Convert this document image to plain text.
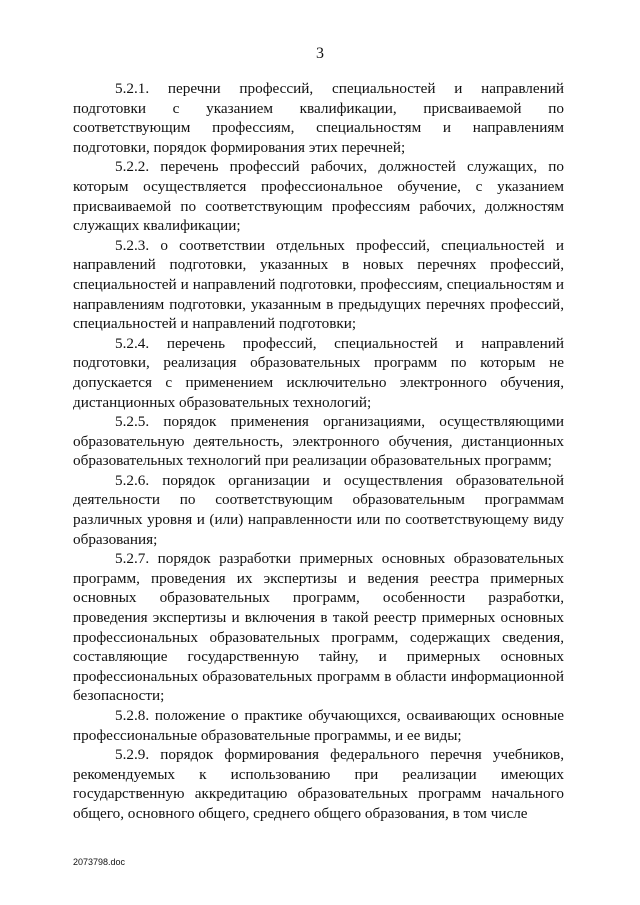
3

5.2.1. перечни профессий, специальностей и направлений подготовки с указанием квалификации, присваиваемой по соответствующим профессиям, специальностям и направлениям подготовки, порядок формирования этих перечней;

5.2.2. перечень профессий рабочих, должностей служащих, по которым осуществляется профессиональное обучение, с указанием присваиваемой по соответствующим профессиям рабочих, должностям служащих квалификации;

5.2.3. о соответствии отдельных профессий, специальностей и направлений подготовки, указанных в новых перечнях профессий, специальностей и направлений подготовки, профессиям, специальностям и направлениям подготовки, указанным в предыдущих перечнях профессий, специальностей и направлений подготовки;

5.2.4. перечень профессий, специальностей и направлений подготовки, реализация образовательных программ по которым не допускается с применением исключительно электронного обучения, дистанционных образовательных технологий;

5.2.5. порядок применения организациями, осуществляющими образовательную деятельность, электронного обучения, дистанционных образовательных технологий при реализации образовательных программ;

5.2.6. порядок организации и осуществления образовательной деятельности по соответствующим образовательным программам различных уровня и (или) направленности или по соответствующему виду образования;

5.2.7. порядок разработки примерных основных образовательных программ, проведения их экспертизы и ведения реестра примерных основных образовательных программ, особенности разработки, проведения экспертизы и включения в такой реестр примерных основных профессиональных образовательных программ, содержащих сведения, составляющие государственную тайну, и примерных основных профессиональных образовательных программ в области информационной безопасности;

5.2.8. положение о практике обучающихся, осваивающих основные профессиональные образовательные программы, и ее виды;

5.2.9. порядок формирования федерального перечня учебников, рекомендуемых к использованию при реализации имеющих государственную аккредитацию образовательных программ начального общего, основного общего, среднего общего образования, в том числе

2073798.doc
